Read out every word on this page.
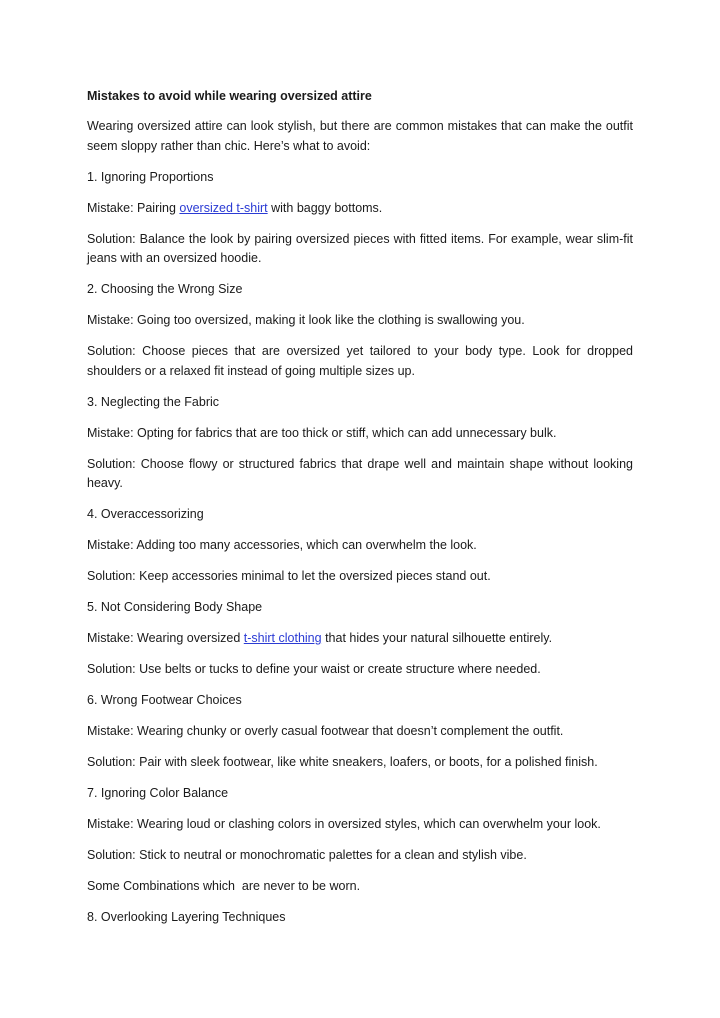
Mistakes to avoid while wearing oversized attire

Wearing oversized attire can look stylish, but there are common mistakes that can make the outfit seem sloppy rather than chic. Here’s what to avoid:

1. Ignoring Proportions

Mistake: Pairing oversized t-shirt with baggy bottoms.

Solution: Balance the look by pairing oversized pieces with fitted items. For example, wear slim-fit jeans with an oversized hoodie.

2. Choosing the Wrong Size

Mistake: Going too oversized, making it look like the clothing is swallowing you.

Solution: Choose pieces that are oversized yet tailored to your body type. Look for dropped shoulders or a relaxed fit instead of going multiple sizes up.

3. Neglecting the Fabric

Mistake: Opting for fabrics that are too thick or stiff, which can add unnecessary bulk.

Solution: Choose flowy or structured fabrics that drape well and maintain shape without looking heavy.

4. Overaccessorizing

Mistake: Adding too many accessories, which can overwhelm the look.

Solution: Keep accessories minimal to let the oversized pieces stand out.

5. Not Considering Body Shape

Mistake: Wearing oversized t-shirt clothing that hides your natural silhouette entirely.

Solution: Use belts or tucks to define your waist or create structure where needed.

6. Wrong Footwear Choices

Mistake: Wearing chunky or overly casual footwear that doesn’t complement the outfit.

Solution: Pair with sleek footwear, like white sneakers, loafers, or boots, for a polished finish.

7. Ignoring Color Balance

Mistake: Wearing loud or clashing colors in oversized styles, which can overwhelm your look.

Solution: Stick to neutral or monochromatic palettes for a clean and stylish vibe.

Some Combinations which  are never to be worn.

8. Overlooking Layering Techniques
